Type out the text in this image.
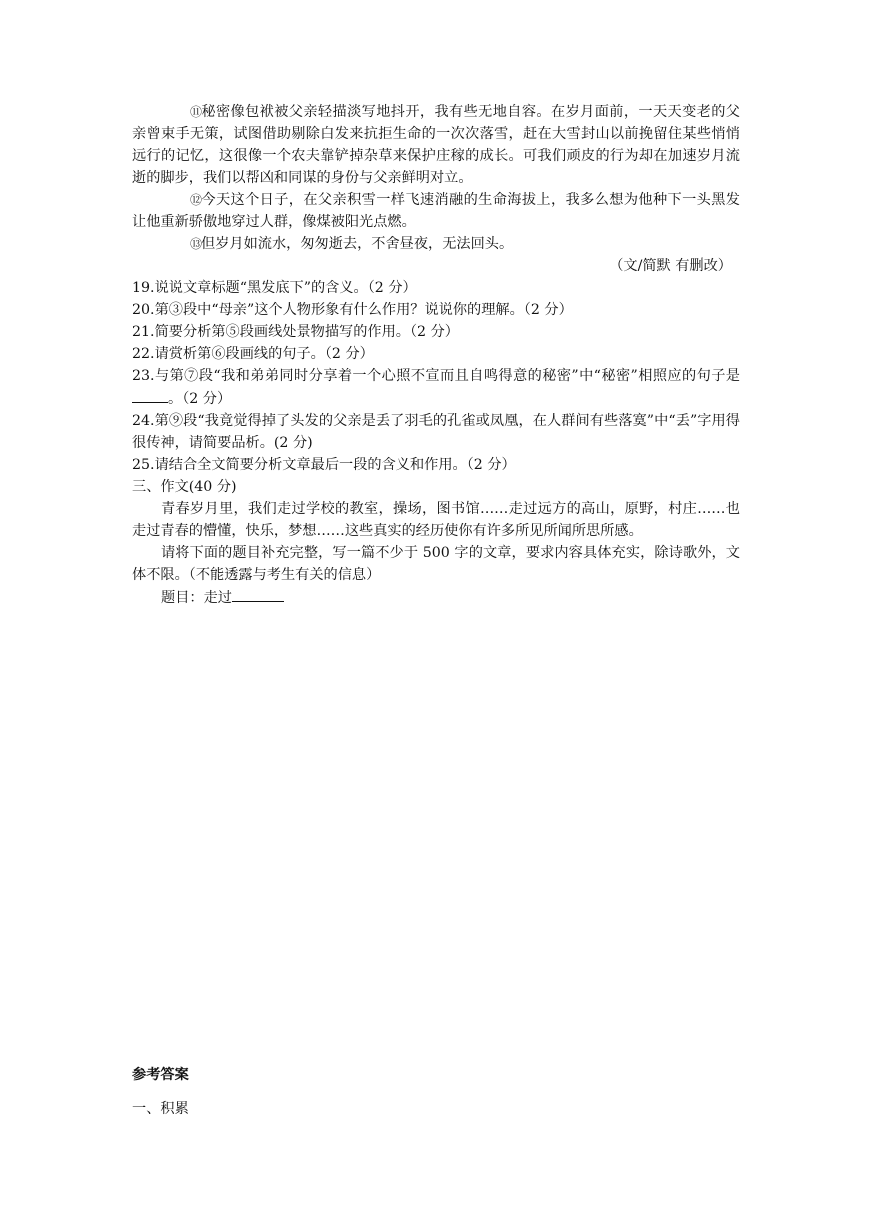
⑪秘密像包袱被父亲轻描淡写地抖开，我有些无地自容。在岁月面前，一天天变老的父亲曾束手无策，试图借助剔除白发来抗拒生命的一次次落雪，赶在大雪封山以前挽留住某些悄悄远行的记忆，这很像一个农夫靠铲掉杂草来保护庄稼的成长。可我们顽皮的行为却在加速岁月流逝的脚步，我们以帮凶和同谋的身份与父亲鲜明对立。

⑫今天这个日子，在父亲积雪一样飞速消融的生命海拔上，我多么想为他种下一头黑发让他重新骄傲地穿过人群，像煤被阳光点燃。

⑬但岁月如流水，匆匆逝去，不舍昼夜，无法回头。

（文/简默 有删改）

19.说说文章标题“黑发底下”的含义。（2 分）

20.第③段中“母亲”这个人物形象有什么作用？说说你的理解。（2 分）

21.简要分析第⑤段画线处景物描写的作用。（2 分）

22.请赏析第⑥段画线的句子。（2 分）

23.与第⑦段“我和弟弟同时分享着一个心照不宣而且自鸣得意的秘密”中“秘密”相照应的句子是。（2 分）

24.第⑨段“我竟觉得掉了头发的父亲是丢了羽毛的孔雀或凤凰，在人群间有些落寞”中“丢”字用得很传神，请简要品析。(2 分)

25.请结合全文简要分析文章最后一段的含义和作用。（2 分）

三、作文(40 分)

青春岁月里，我们走过学校的教室，操场，图书馆……走过远方的高山，原野，村庄……也走过青春的懵懂，快乐，梦想……这些真实的经历使你有许多所见所闻所思所感。

请将下面的题目补充完整，写一篇不少于 500 字的文章，要求内容具体充实，除诗歌外，文体不限。（不能透露与考生有关的信息）

题目：走过

参考答案

一、积累
